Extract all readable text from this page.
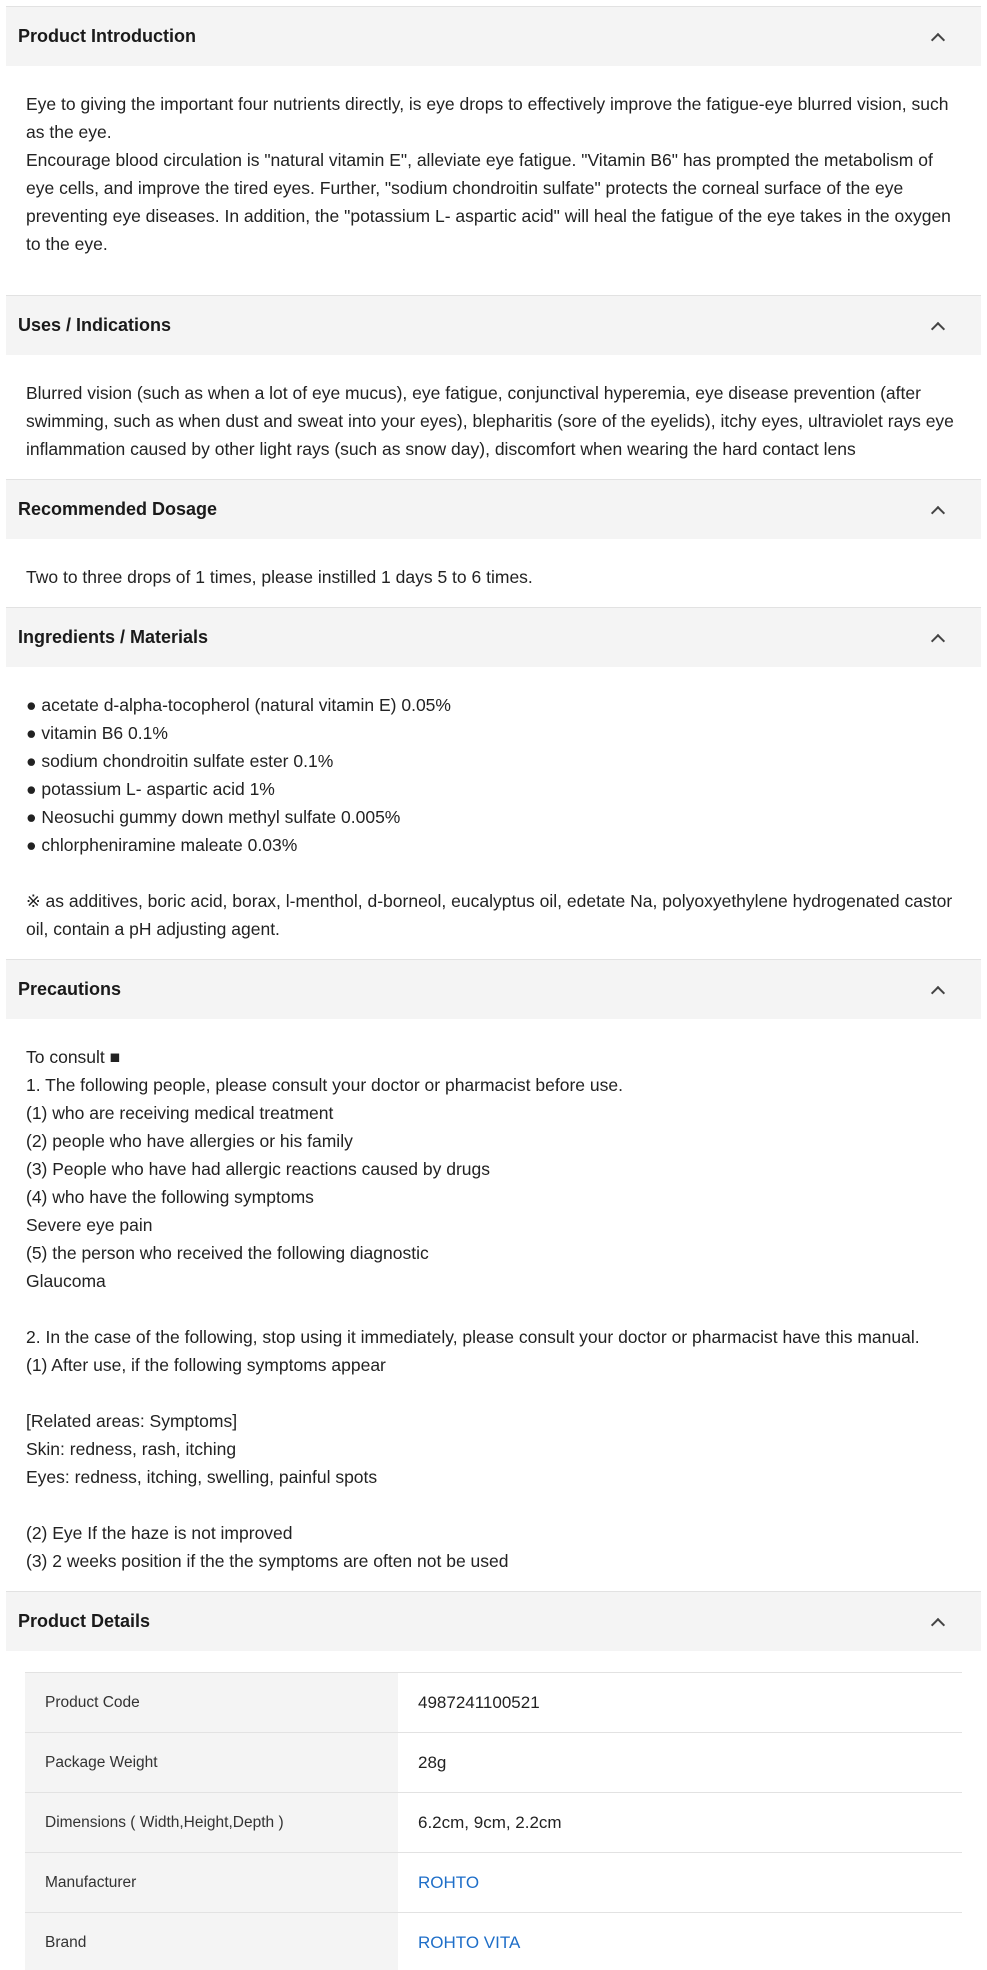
Product Introduction
Eye to giving the important four nutrients directly, is eye drops to effectively improve the fatigue-eye blurred vision, such as the eye.
Encourage blood circulation is "natural vitamin E", alleviate eye fatigue. "Vitamin B6" has prompted the metabolism of eye cells, and improve the tired eyes. Further, "sodium chondroitin sulfate" protects the corneal surface of the eye preventing eye diseases. In addition, the "potassium L- aspartic acid" will heal the fatigue of the eye takes in the oxygen to the eye.
Uses / Indications
Blurred vision (such as when a lot of eye mucus), eye fatigue, conjunctival hyperemia, eye disease prevention (after swimming, such as when dust and sweat into your eyes), blepharitis (sore of the eyelids), itchy eyes, ultraviolet rays eye inflammation caused by other light rays (such as snow day), discomfort when wearing the hard contact lens
Recommended Dosage
Two to three drops of 1 times, please instilled 1 days 5 to 6 times.
Ingredients / Materials
● acetate d-alpha-tocopherol (natural vitamin E) 0.05%
● vitamin B6 0.1%
● sodium chondroitin sulfate ester 0.1%
● potassium L- aspartic acid 1%
● Neosuchi gummy down methyl sulfate 0.005%
● chlorpheniramine maleate 0.03%
※ as additives, boric acid, borax, l-menthol, d-borneol, eucalyptus oil, edetate Na, polyoxyethylene hydrogenated castor oil, contain a pH adjusting agent.
Precautions
To consult ■
1. The following people, please consult your doctor or pharmacist before use.
(1) who are receiving medical treatment
(2) people who have allergies or his family
(3) People who have had allergic reactions caused by drugs
(4) who have the following symptoms
Severe eye pain
(5) the person who received the following diagnostic
Glaucoma
2. In the case of the following, stop using it immediately, please consult your doctor or pharmacist have this manual.
(1) After use, if the following symptoms appear
[Related areas: Symptoms]
Skin: redness, rash, itching
Eyes: redness, itching, swelling, painful spots
(2) Eye If the haze is not improved
(3) 2 weeks position if the the symptoms are often not be used
Product Details
Product Code	4987241100521
Package Weight	28g
Dimensions ( Width,Height,Depth )	6.2cm, 9cm, 2.2cm
Manufacturer	ROHTO
Brand	ROHTO VITA
